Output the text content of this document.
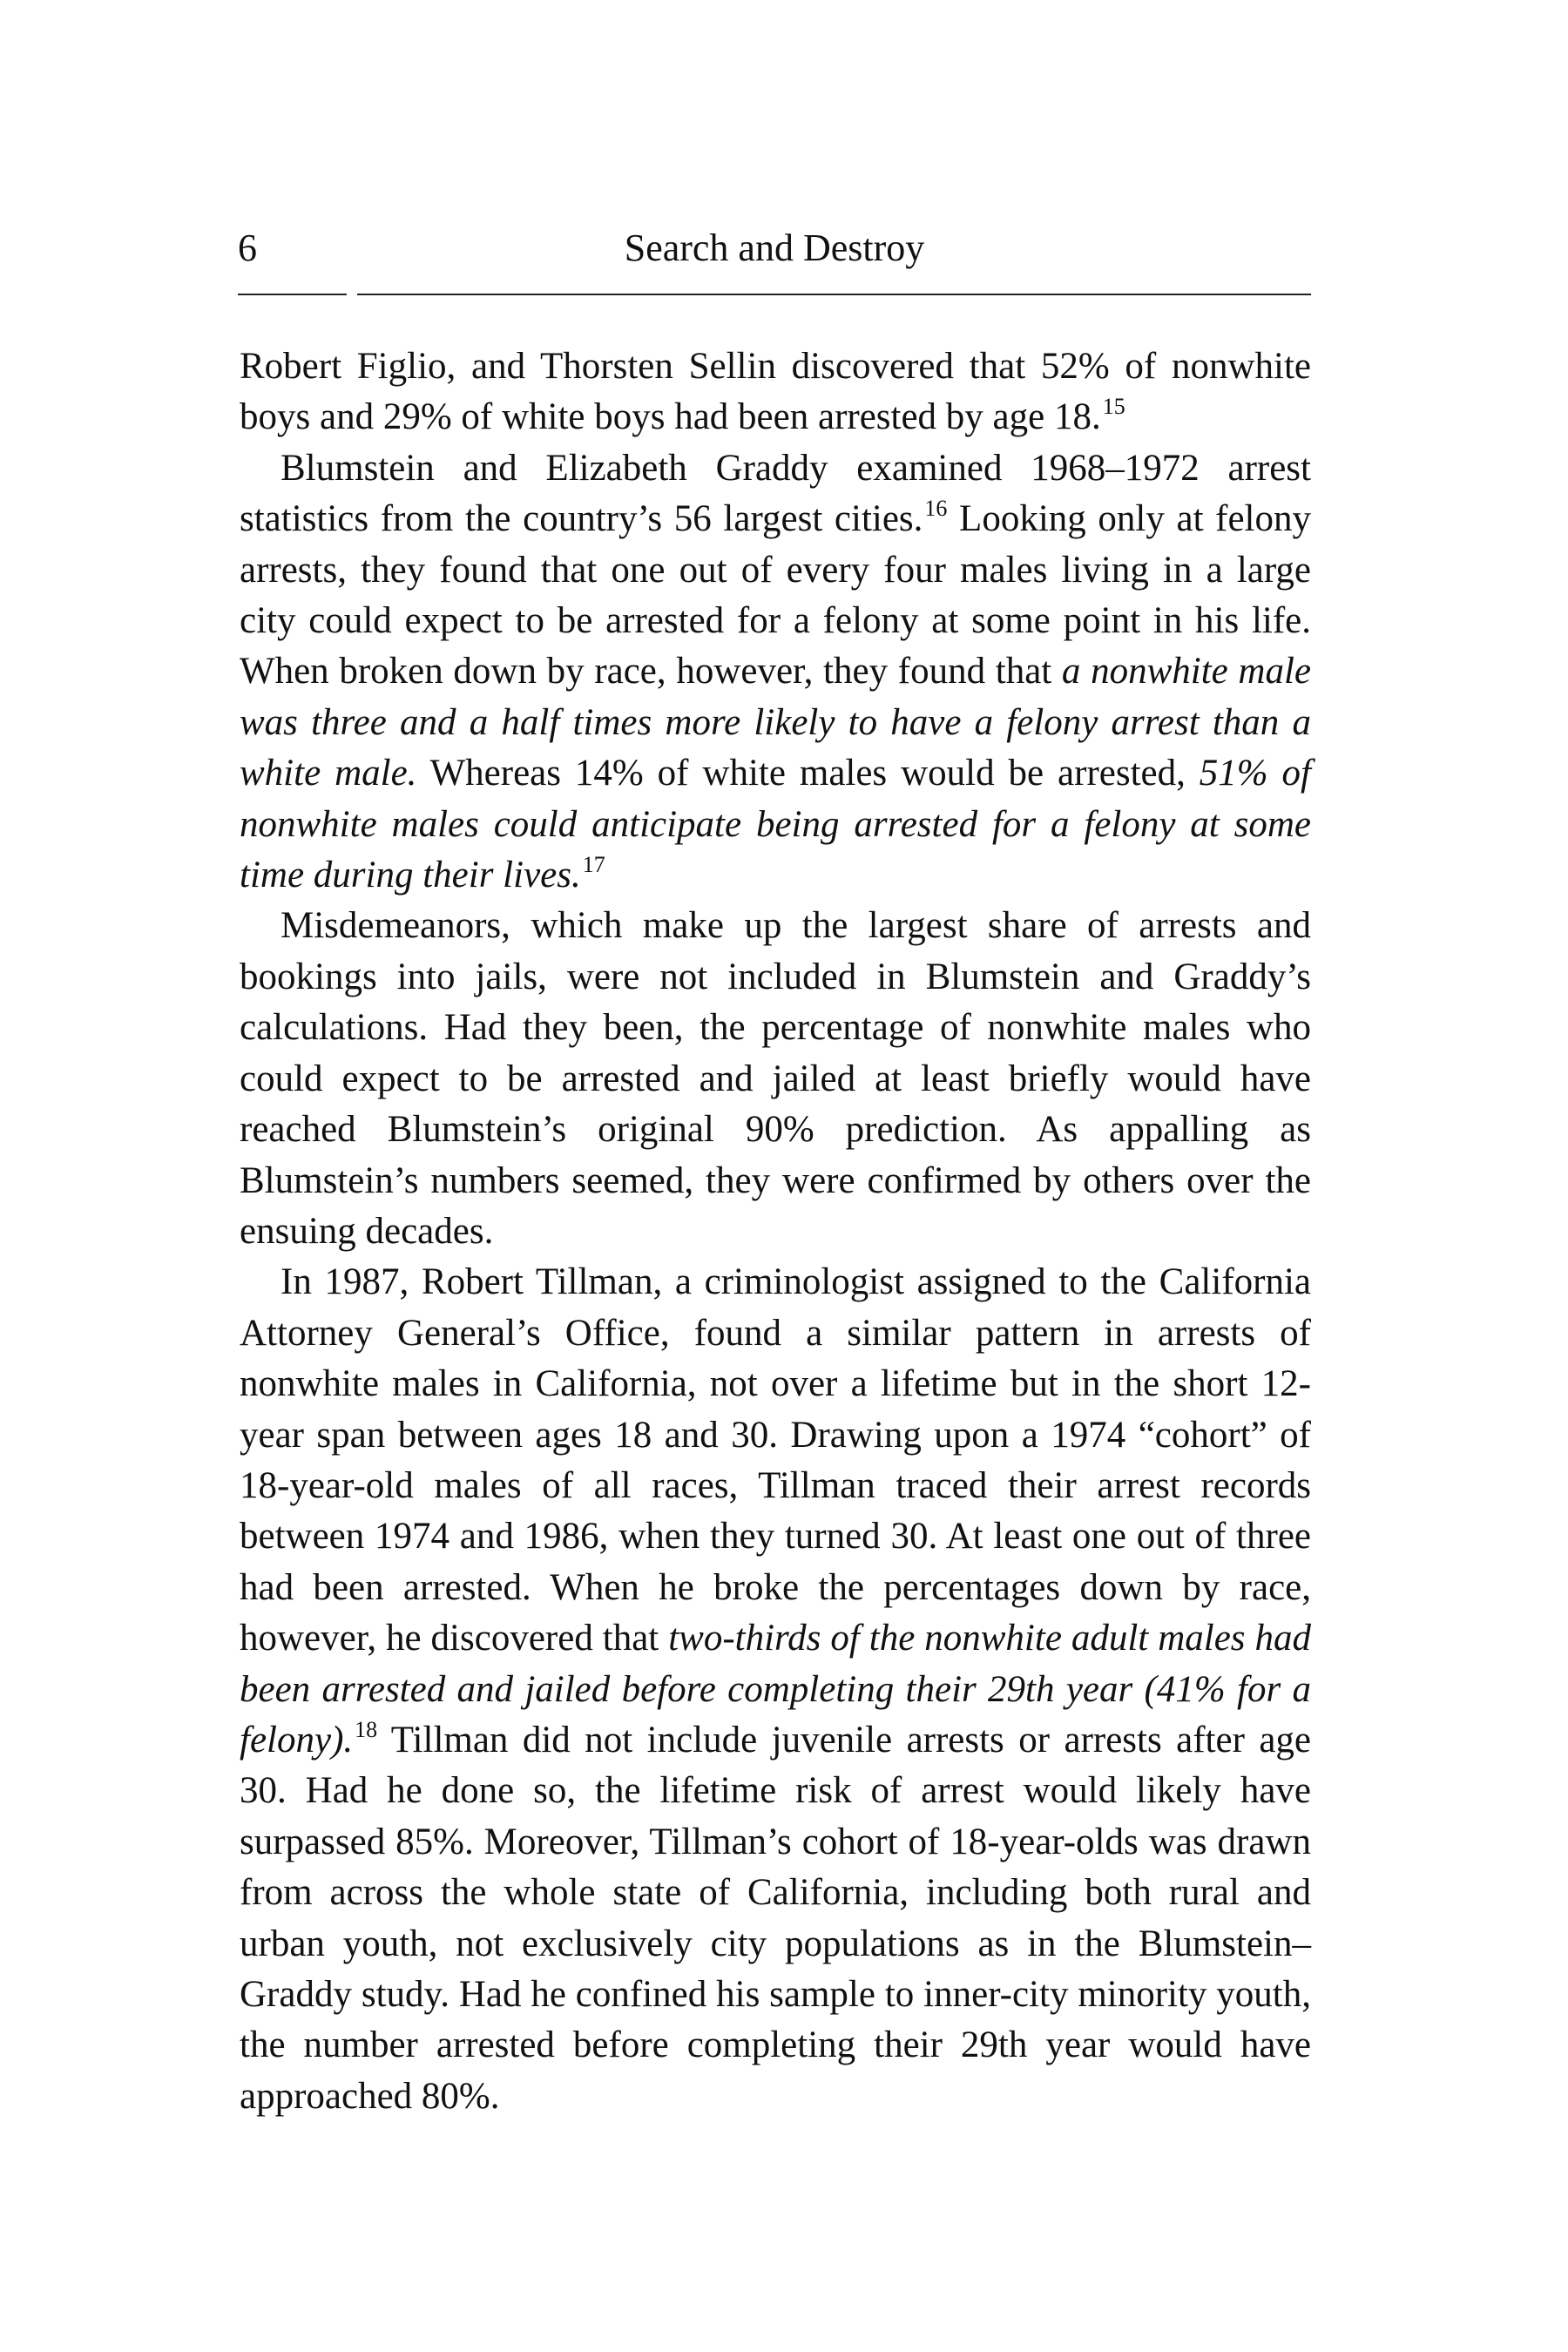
6	Search and Destroy

Robert Figlio, and Thorsten Sellin discovered that 52% of nonwhite boys and 29% of white boys had been arrested by age 18.15

Blumstein and Elizabeth Graddy examined 1968–1972 arrest statistics from the country’s 56 largest cities.$^{16}$ Looking only at felony arrests, they found that one out of every four males living in a large city could expect to be arrested for a felony at some point in his life. When broken down by race, however, they found that a nonwhite male was three and a half times more likely to have a felony arrest than a white male. Whereas 14% of white males would be arrested, 51% of nonwhite males could anticipate being arrested for a felony at some time during their lives.$^{17}$

Misdemeanors, which make up the largest share of arrests and bookings into jails, were not included in Blumstein and Graddy’s calculations. Had they been, the percentage of nonwhite males who could expect to be arrested and jailed at least briefly would have reached Blumstein’s original 90% prediction. As appalling as Blumstein’s numbers seemed, they were confirmed by others over the ensuing decades.

In 1987, Robert Tillman, a criminologist assigned to the California Attorney General’s Office, found a similar pattern in arrests of nonwhite males in California, not over a lifetime but in the short 12-year span between ages 18 and 30. Drawing upon a 1974 “cohort” of 18-year-old males of all races, Tillman traced their arrest records between 1974 and 1986, when they turned 30. At least one out of three had been arrested. When he broke the percentages down by race, however, he discovered that two-thirds of the nonwhite adult males had been arrested and jailed before completing their 29th year (41% for a felony).$^{18}$ Tillman did not include juvenile arrests or arrests after age 30. Had he done so, the lifetime risk of arrest would likely have surpassed 85%. Moreover, Tillman’s cohort of 18-year-olds was drawn from across the whole state of California, including both rural and urban youth, not exclusively city populations as in the Blumstein–Graddy study. Had he confined his sample to inner-city minority youth, the number arrested before completing their 29th year would have approached 80%.
